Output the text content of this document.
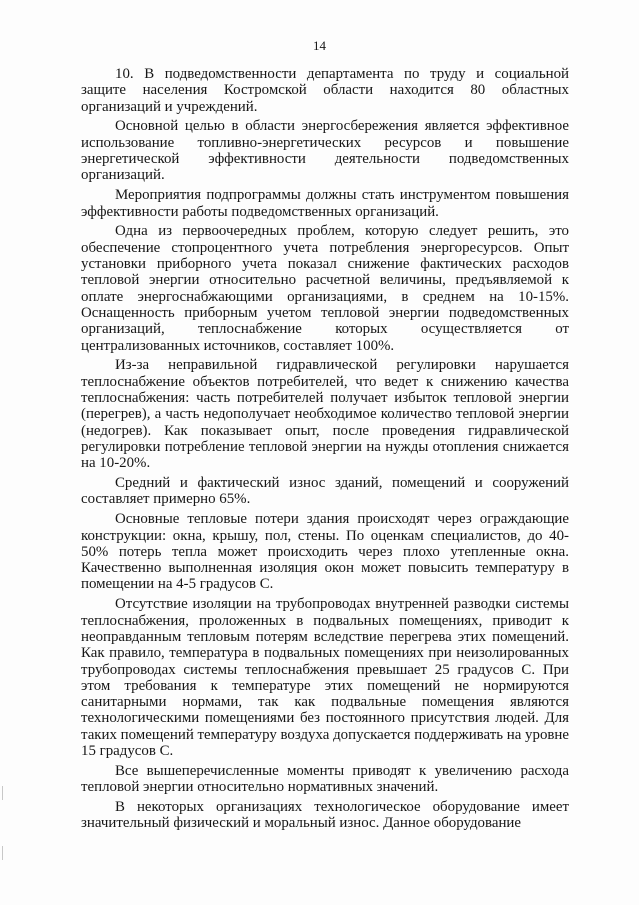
14

10. В подведомственности департамента по труду и социальной защите населения Костромской области находится 80 областных организаций и учреждений.

Основной целью в области энергосбережения является эффективное использование топливно-энергетических ресурсов и повышение энергетической эффективности деятельности подведомственных организаций.

Мероприятия подпрограммы должны стать инструментом повышения эффективности работы подведомственных организаций.

Одна из первоочередных проблем, которую следует решить, это обеспечение стопроцентного учета потребления энергоресурсов. Опыт установки приборного учета показал снижение фактических расходов тепловой энергии относительно расчетной величины, предъявляемой к оплате энергоснабжающими организациями, в среднем на 10-15%. Оснащенность приборным учетом тепловой энергии подведомственных организаций, теплоснабжение которых осуществляется от централизованных источников, составляет 100%.

Из-за неправильной гидравлической регулировки нарушается теплоснабжение объектов потребителей, что ведет к снижению качества теплоснабжения: часть потребителей получает избыток тепловой энергии (перегрев), а часть недополучает необходимое количество тепловой энергии (недогрев). Как показывает опыт, после проведения гидравлической регулировки потребление тепловой энергии на нужды отопления снижается на 10-20%.

Средний и фактический износ зданий, помещений и сооружений составляет примерно 65%.

Основные тепловые потери здания происходят через ограждающие конструкции: окна, крышу, пол, стены. По оценкам специалистов, до 40-50% потерь тепла может происходить через плохо утепленные окна. Качественно выполненная изоляция окон может повысить температуру в помещении на 4-5 градусов С.

Отсутствие изоляции на трубопроводах внутренней разводки системы теплоснабжения, проложенных в подвальных помещениях, приводит к неоправданным тепловым потерям вследствие перегрева этих помещений. Как правило, температура в подвальных помещениях при неизолированных трубопроводах системы теплоснабжения превышает 25 градусов С. При этом требования к температуре этих помещений не нормируются санитарными нормами, так как подвальные помещения являются технологическими помещениями без постоянного присутствия людей. Для таких помещений температуру воздуха допускается поддерживать на уровне 15 градусов С.

Все вышеперечисленные моменты приводят к увеличению расхода тепловой энергии относительно нормативных значений.

В некоторых организациях технологическое оборудование имеет значительный физический и моральный износ. Данное оборудование
